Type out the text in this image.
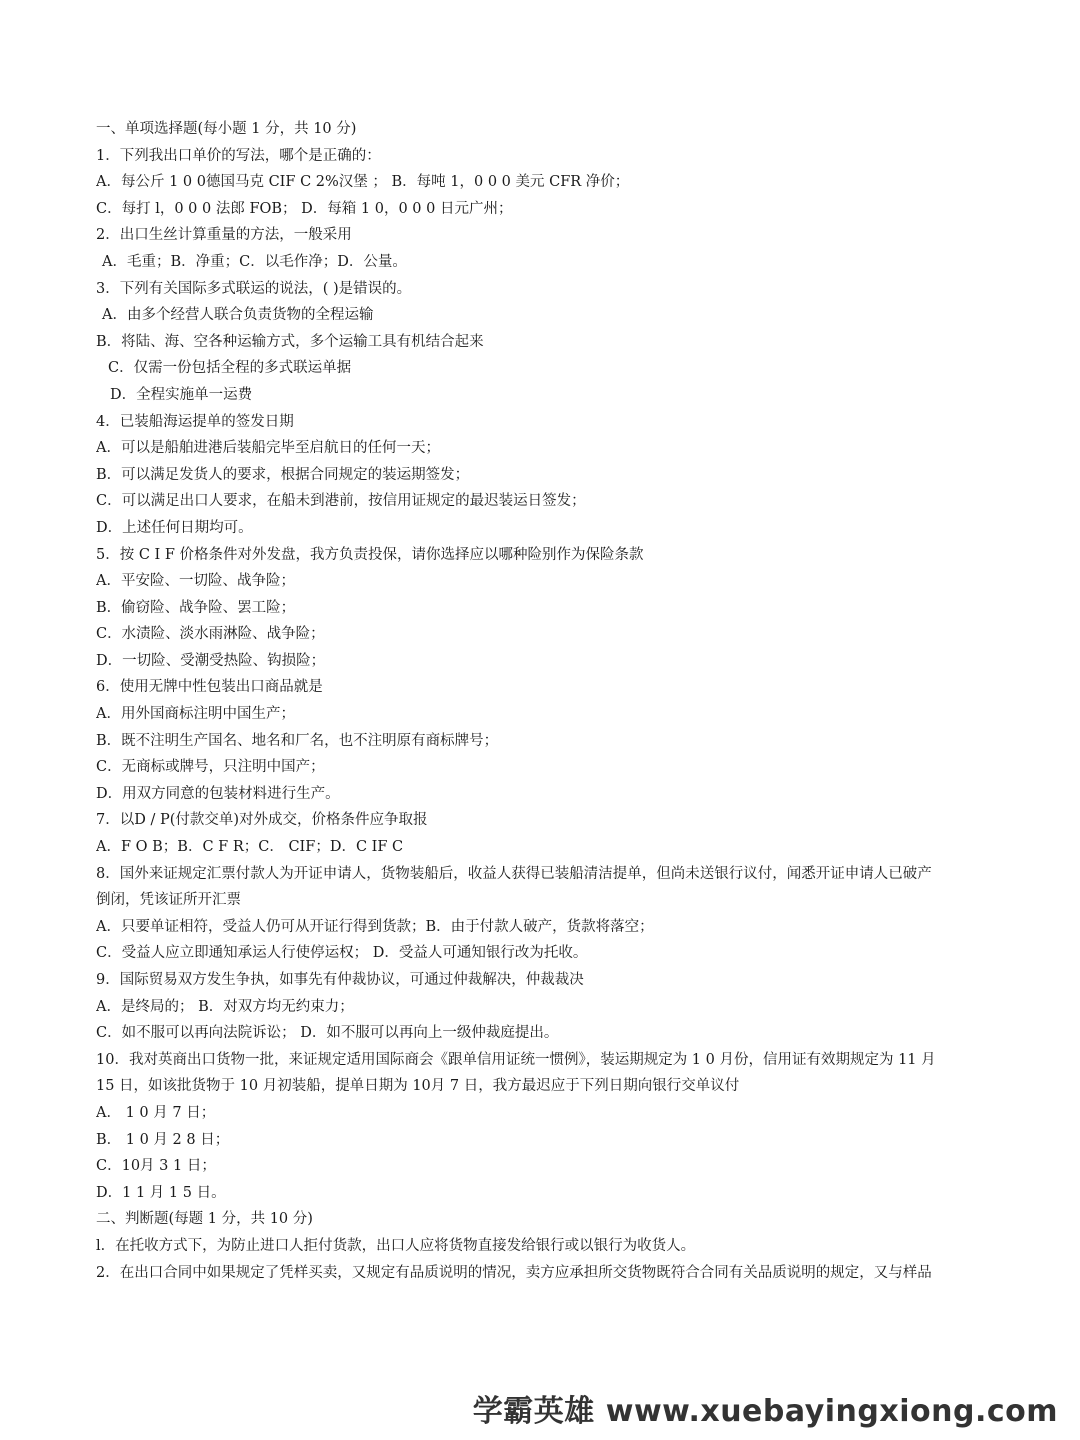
一、单项选择题(每小题 1 分，共 10 分)
1．下列我出口单价的写法，哪个是正确的：
A．每公斤 1 0 0德国马克 CIF C 2%汉堡 ； B．每吨 1，0 0 0 美元 CFR 净价；
C．每打 l，0 0 0 法郎 FOB； D．每箱 1 0，0 0 0 日元广州；
2．出口生丝计算重量的方法，一般采用
A．毛重；B．净重；C．以毛作净；D．公量。
3．下列有关国际多式联运的说法，( )是错误的。
A．由多个经营人联合负责货物的全程运输
B．将陆、海、空各种运输方式，多个运输工具有机结合起来
C．仅需一份包括全程的多式联运单据
D．全程实施单一运费
4．已装船海运提单的签发日期
A．可以是船舶进港后装船完毕至启航日的任何一天；
B．可以满足发货人的要求，根据合同规定的装运期签发；
C．可以满足出口人要求，在船未到港前，按信用证规定的最迟装运日签发；
D．上述任何日期均可。
5．按 C I F 价格条件对外发盘，我方负责投保，请你选择应以哪种险别作为保险条款
A．平安险、一切险、战争险；
B．偷窃险、战争险、罢工险；
C．水渍险、淡水雨淋险、战争险；
D．一切险、受潮受热险、钩损险；
6．使用无牌中性包装出口商品就是
A．用外国商标注明中国生产；
B．既不注明生产国名、地名和厂名，也不注明原有商标牌号；
C．无商标或牌号，只注明中国产；
D．用双方同意的包装材料进行生产。
7．以D / P(付款交单)对外成交，价格条件应争取报
A．F O B；B．C F R；C． CIF；D．C IF C
8．国外来证规定汇票付款人为开证申请人，货物装船后，收益人获得已装船清洁提单，但尚未送银行议付，闻悉开证申请人已破产
倒闭，凭该证所开汇票
A．只要单证相符，受益人仍可从开证行得到货款；B．由于付款人破产，货款将落空；
C．受益人应立即通知承运人行使停运权； D．受益人可通知银行改为托收。
9．国际贸易双方发生争执，如事先有仲裁协议，可通过仲裁解决，仲裁裁决
A．是终局的； B．对双方均无约束力；
C．如不服可以再向法院诉讼； D．如不服可以再向上一级仲裁庭提出。
10．我对英商出口货物一批，来证规定适用国际商会《跟单信用证统一惯例》，装运期规定为 1 0 月份，信用证有效期规定为 11 月
15 日，如该批货物于 10 月初装船，提单日期为 10月 7 日，我方最迟应于下列日期向银行交单议付
A． 1 0 月 7 日；
B． 1 0 月 2 8 日；
C．10月 3 1 日；
D．1 1 月 1 5 日。
二、判断题(每题 1 分，共 10 分)
l．在托收方式下，为防止进口人拒付货款，出口人应将货物直接发给银行或以银行为收货人。
2．在出口合同中如果规定了凭样买卖，又规定有品质说明的情况，卖方应承担所交货物既符合合同有关品质说明的规定，又与样品
学霸英雄 www.xuebayingxiong.com
